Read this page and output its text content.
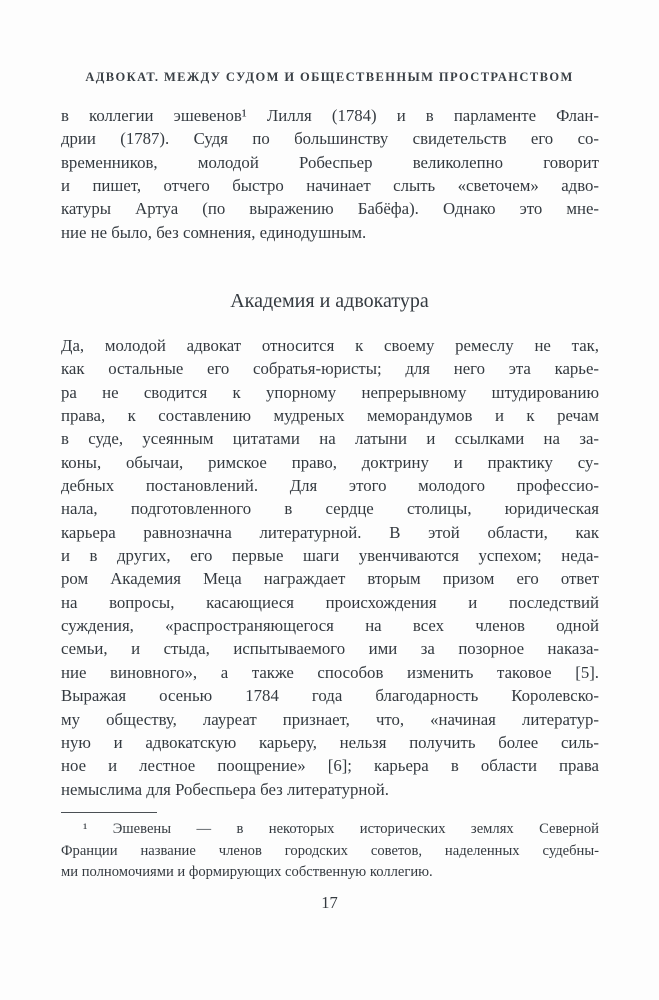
АДВОКАТ. МЕЖДУ СУДОМ И ОБЩЕСТВЕННЫМ ПРОСТРАНСТВОМ
в коллегии эшевенов¹ Лилля (1784) и в парламенте Флан-
дрии (1787). Судя по большинству свидетельств его со-
временников, молодой Робеспьер великолепно говорит
и пишет, отчего быстро начинает слыть «светочем» адво-
катуры Артуа (по выражению Бабёфа). Однако это мне-
ние не было, без сомнения, единодушным.
Академия и адвокатура
Да, молодой адвокат относится к своему ремеслу не так,
как остальные его собратья-юристы; для него эта карье-
ра не сводится к упорному непрерывному штудированию
права, к составлению мудреных меморандумов и к речам
в суде, усеянным цитатами на латыни и ссылками на за-
коны, обычаи, римское право, доктрину и практику су-
дебных постановлений. Для этого молодого профессио-
нала, подготовленного в сердце столицы, юридическая
карьера равнозначна литературной. В этой области, как
и в других, его первые шаги увенчиваются успехом; неда-
ром Академия Меца награждает вторым призом его ответ
на вопросы, касающиеся происхождения и последствий
суждения, «распространяющегося на всех членов одной
семьи, и стыда, испытываемого ими за позорное наказа-
ние виновного», а также способов изменить таковое [5].
Выражая осенью 1784 года благодарность Королевско-
му обществу, лауреат признает, что, «начиная литератур-
ную и адвокатскую карьеру, нельзя получить более силь-
ное и лестное поощрение» [6]; карьера в области права
немыслима для Робеспьера без литературной.
¹ Эшевены — в некоторых исторических землях Северной
Франции название членов городских советов, наделенных судебны-
ми полномочиями и формирующих собственную коллегию.
17
